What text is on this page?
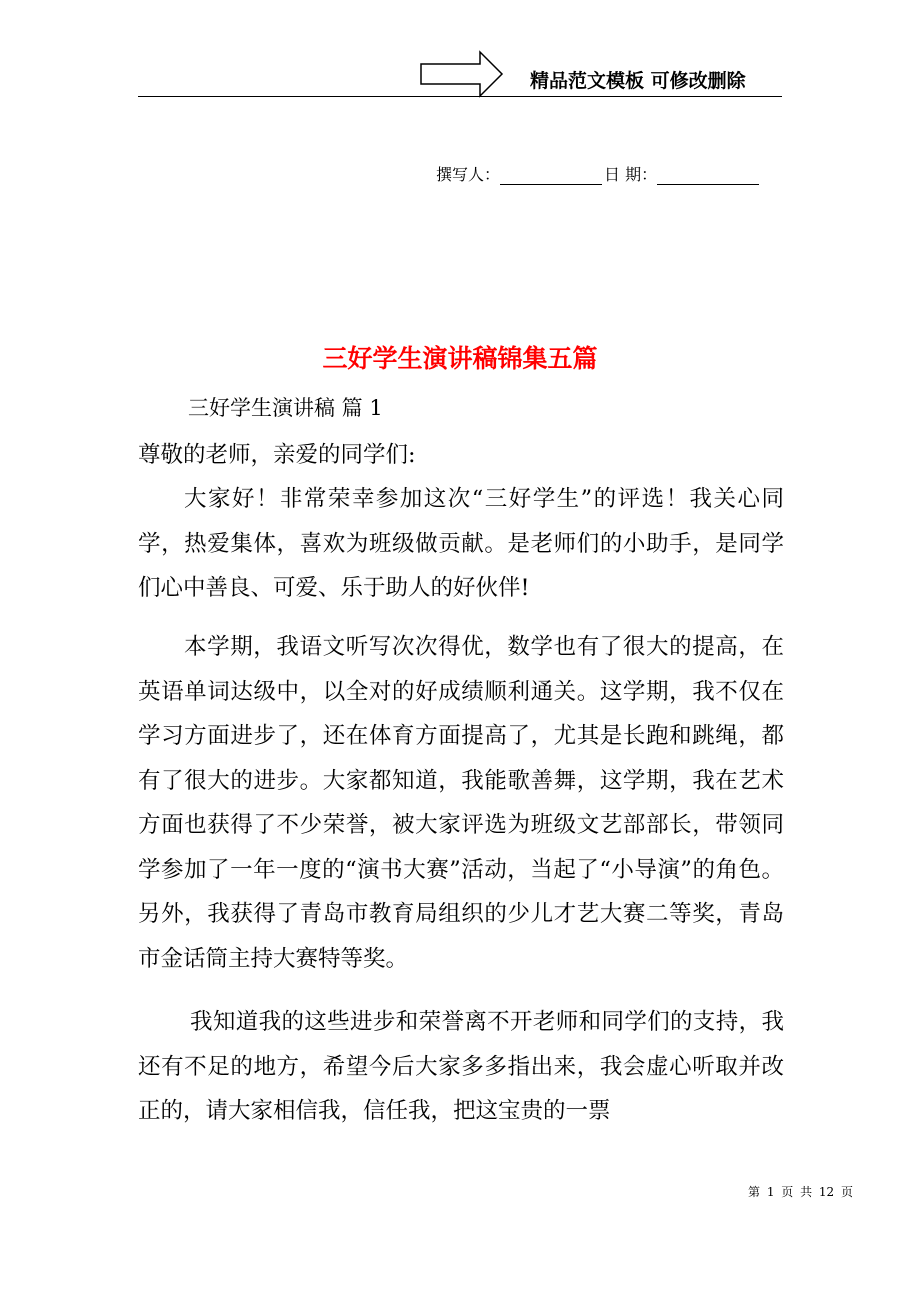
精品范文模板 可修改删除
撰写人：	日 期：
三好学生演讲稿锦集五篇
三好学生演讲稿 篇 1
尊敬的老师，亲爱的同学们:
大家好！非常荣幸参加这次“三好学生”的评选！我关心同学，热爱集体，喜欢为班级做贡献。是老师们的小助手，是同学们心中善良、可爱、乐于助人的好伙伴!
本学期，我语文听写次次得优，数学也有了很大的提高，在英语单词达级中，以全对的好成绩顺利通关。这学期，我不仅在学习方面进步了，还在体育方面提高了，尤其是长跑和跳绳，都有了很大的进步。大家都知道，我能歌善舞，这学期，我在艺术方面也获得了不少荣誉，被大家评选为班级文艺部部长，带领同学参加了一年一度的“演书大赛”活动，当起了“小导演”的角色。另外，我获得了青岛市教育局组织的少儿才艺大赛二等奖，青岛市金话筒主持大赛特等奖。
我知道我的这些进步和荣誉离不开老师和同学们的支持，我还有不足的地方，希望今后大家多多指出来，我会虚心听取并改正的，请大家相信我，信任我，把这宝贵的一票
第 1 页 共 12 页
